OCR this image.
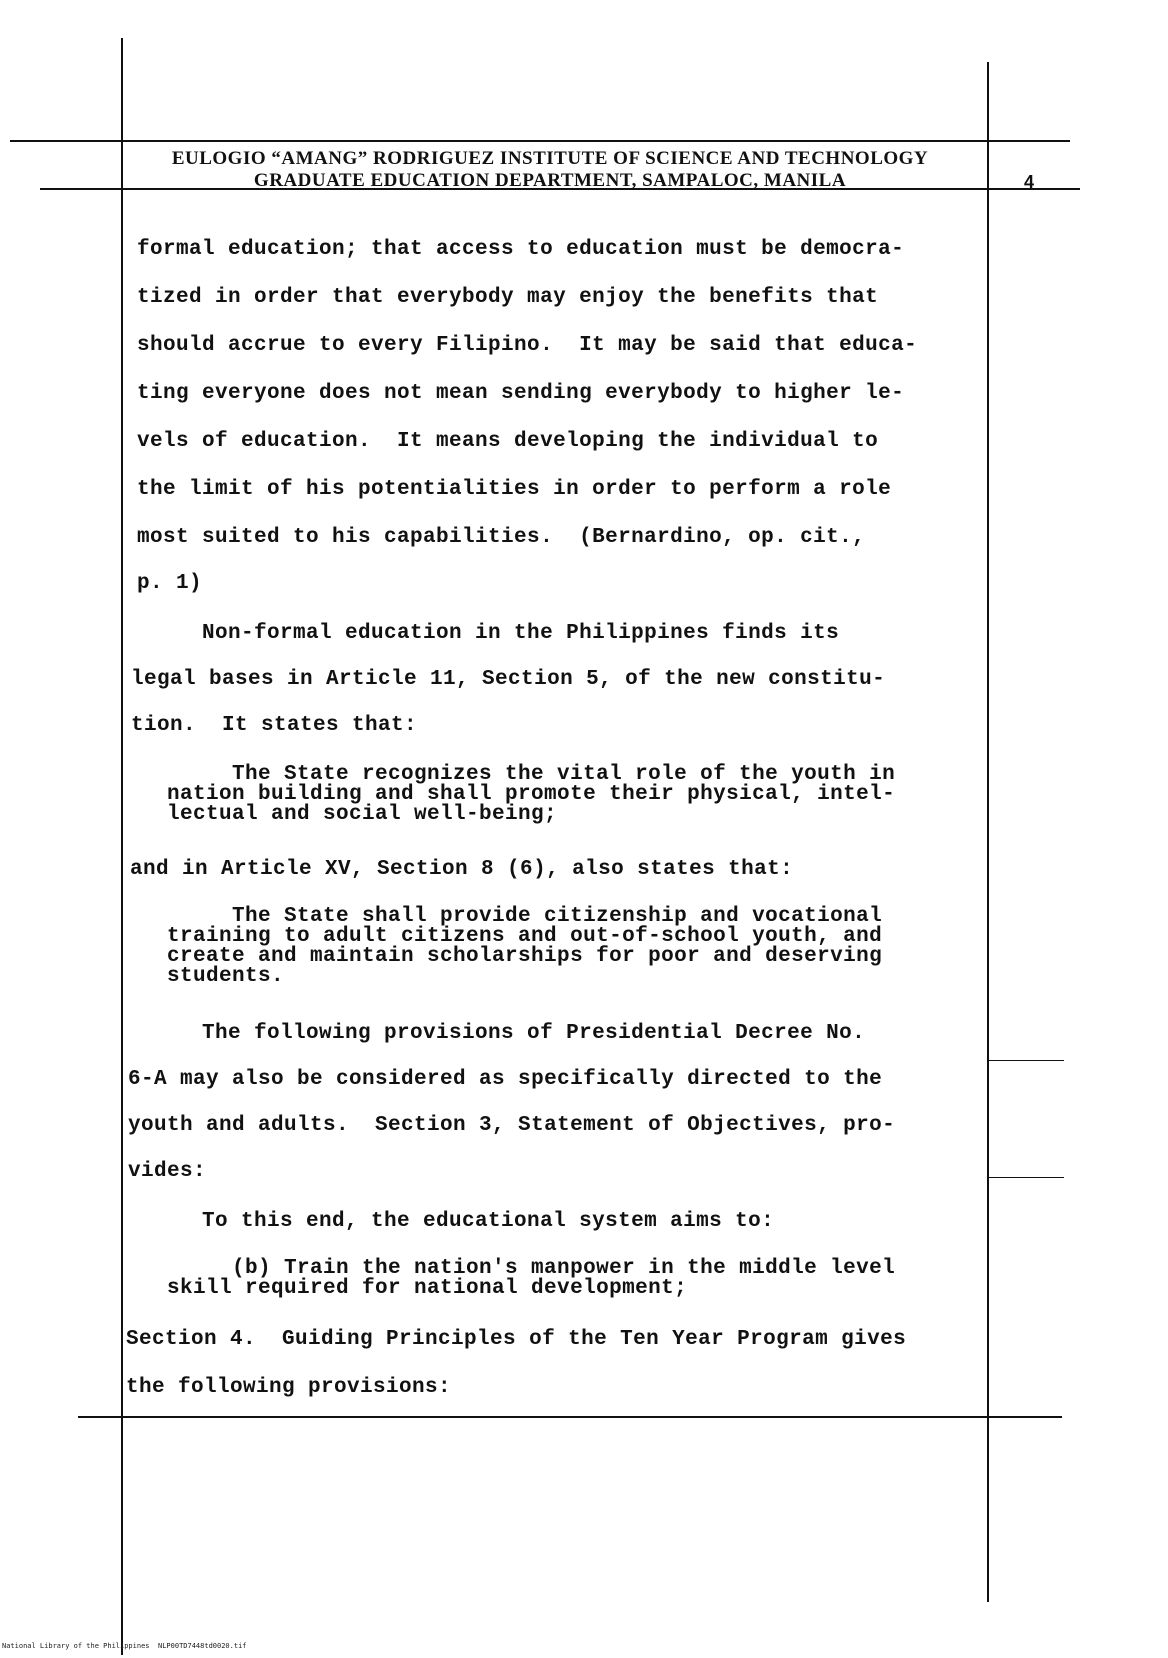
EULOGIO “AMANG” RODRIGUEZ INSTITUTE OF SCIENCE AND TECHNOLOGY
GRADUATE EDUCATION DEPARTMENT, SAMPALOC, MANILA	4
formal education; that access to education must be democra-
tized in order that everybody may enjoy the benefits that
should accrue to every Filipino.  It may be said that educa-
ting everyone does not mean sending everybody to higher le-
vels of education.  It means developing the individual to
the limit of his potentialities in order to perform a role
most suited to his capabilities.  (Bernardino, op. cit.,
p. 1)
Non-formal education in the Philippines finds its
legal bases in Article 11, Section 5, of the new constitu-
tion.  It states that:
The State recognizes the vital role of the youth in
nation building and shall promote their physical, intel-
lectual and social well-being;
and in Article XV, Section 8 (6), also states that:
The State shall provide citizenship and vocational
training to adult citizens and out-of-school youth, and
create and maintain scholarships for poor and deserving
students.
The following provisions of Presidential Decree No.
6-A may also be considered as specifically directed to the
youth and adults.  Section 3, Statement of Objectives, pro-
vides:
To this end, the educational system aims to:
(b) Train the nation's manpower in the middle level
skill required for national development;
Section 4.  Guiding Principles of the Ten Year Program gives
the following provisions:
National Library of the Philippines NLP00TD7448td0020.tif
